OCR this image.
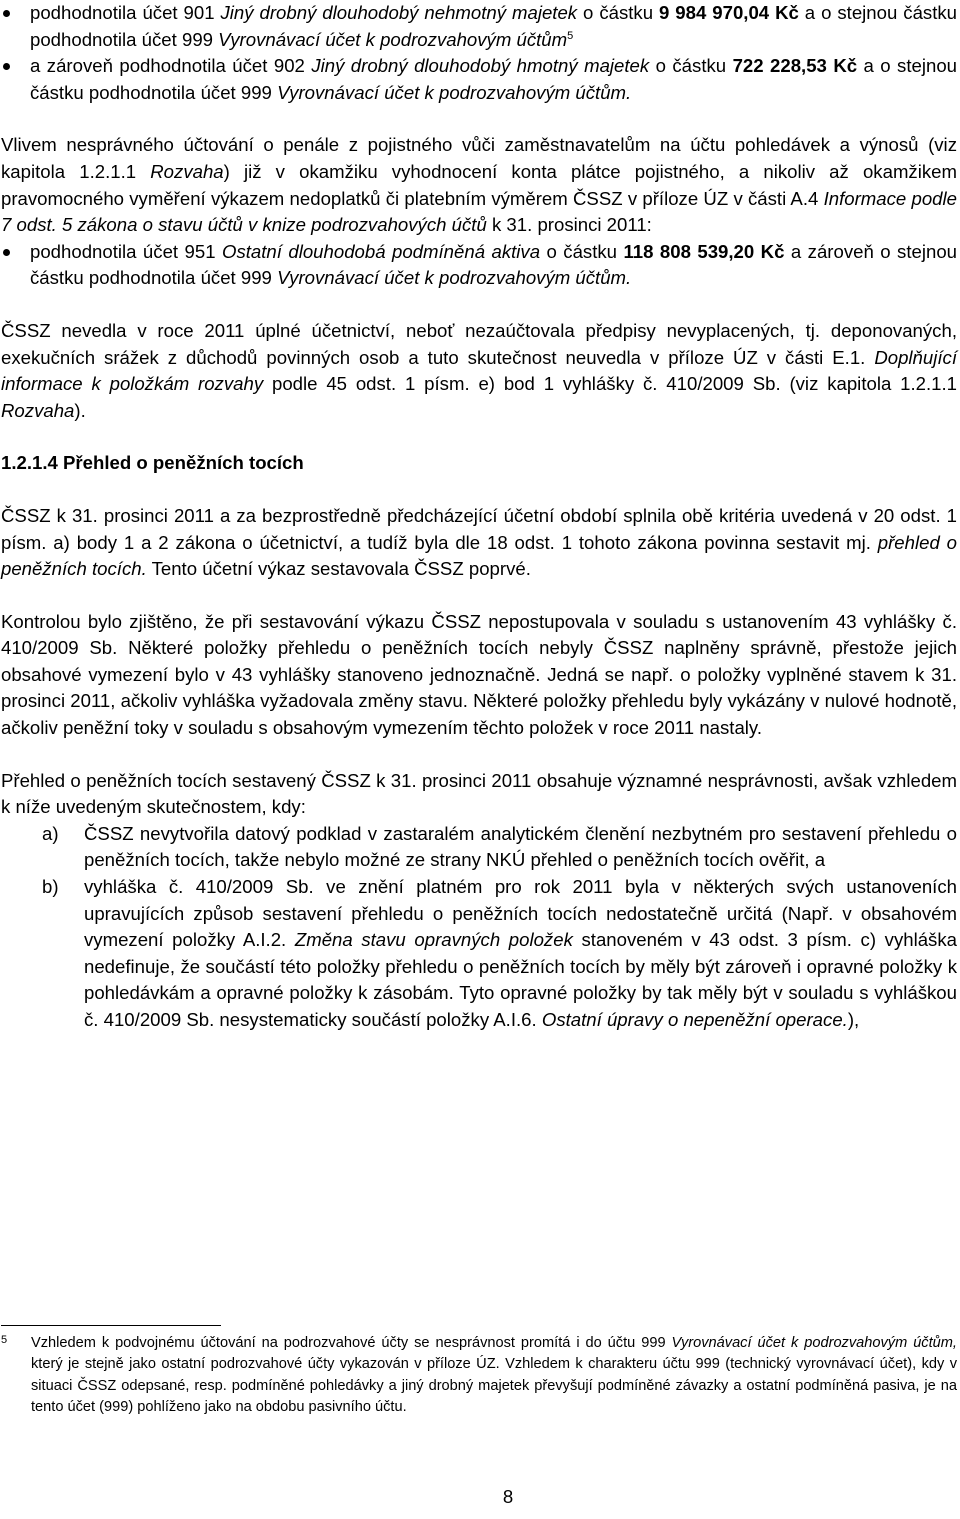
podhodnotila účet 901 Jiný drobný dlouhodobý nehmotný majetek o částku 9 984 970,04 Kč a o stejnou částku podhodnotila účet 999 Vyrovnávací účet k podrozvahovým účtům$^5$
a zároveň podhodnotila účet 902 Jiný drobný dlouhodobý hmotný majetek o částku 722 228,53 Kč a o stejnou částku podhodnotila účet 999 Vyrovnávací účet k podrozvahovým účtům.

Vlivem nesprávného účtování o penále z pojistného vůči zaměstnavatelům na účtu pohledávek a výnosů (viz kapitola 1.2.1.1 Rozvaha) již v okamžiku vyhodnocení konta plátce pojistného, a nikoliv až okamžikem pravomocného vyměření výkazem nedoplatků či platebním výměrem ČSSZ v příloze ÚZ v části A.4 Informace podle 7 odst. 5 zákona o stavu účtů v knize podrozvahových účtů k 31. prosinci 2011:

podhodnotila účet 951 Ostatní dlouhodobá podmíněná aktiva o částku 118 808 539,20 Kč a zároveň o stejnou částku podhodnotila účet 999 Vyrovnávací účet k podrozvahovým účtům.

ČSSZ nevedla v roce 2011 úplné účetnictví, neboť nezaúčtovala předpisy nevyplacených, tj. deponovaných, exekučních srážek z důchodů povinných osob a tuto skutečnost neuvedla v příloze ÚZ v části E.1. Doplňující informace k položkám rozvahy podle 45 odst. 1 písm. e) bod 1 vyhlášky č. 410/2009 Sb. (viz kapitola 1.2.1.1 Rozvaha).

1.2.1.4 Přehled o peněžních tocích

ČSSZ k 31. prosinci 2011 a za bezprostředně předcházející účetní období splnila obě kritéria uvedená v 20 odst. 1 písm. a) body 1 a 2 zákona o účetnictví, a tudíž byla dle 18 odst. 1 tohoto zákona povinna sestavit mj. přehled o peněžních tocích. Tento účetní výkaz sestavovala ČSSZ poprvé.

Kontrolou bylo zjištěno, že při sestavování výkazu ČSSZ nepostupovala v souladu s ustanovením 43 vyhlášky č. 410/2009 Sb. Některé položky přehledu o peněžních tocích nebyly ČSSZ naplněny správně, přestože jejich obsahové vymezení bylo v 43 vyhlášky stanoveno jednoznačně. Jedná se např. o položky vyplněné stavem k 31. prosinci 2011, ačkoliv vyhláška vyžadovala změny stavu. Některé položky přehledu byly vykázány v nulové hodnotě, ačkoliv peněžní toky v souladu s obsahovým vymezením těchto položek v roce 2011 nastaly.

Přehled o peněžních tocích sestavený ČSSZ k 31. prosinci 2011 obsahuje významné nesprávnosti, avšak vzhledem k níže uvedeným skutečnostem, kdy:

a) ČSSZ nevytvořila datový podklad v zastaralém analytickém členění nezbytném pro sestavení přehledu o peněžních tocích, takže nebylo možné ze strany NKÚ přehled o peněžních tocích ověřit, a
b) vyhláška č. 410/2009 Sb. ve znění platném pro rok 2011 byla v některých svých ustanoveních upravujících způsob sestavení přehledu o peněžních tocích nedostatečně určitá (Např. v obsahovém vymezení položky A.I.2. Změna stavu opravných položek stanoveném v 43 odst. 3 písm. c) vyhláška nedefinuje, že součástí této položky přehledu o peněžních tocích by měly být zároveň i opravné položky k pohledávkám a opravné položky k zásobám. Tyto opravné položky by tak měly být v souladu s vyhláškou č. 410/2009 Sb. nesystematicky součástí položky A.I.6. Ostatní úpravy o nepeněžní operace.),
5	Vzhledem k podvojnému účtování na podrozvahové účty se nesprávnost promítá i do účtu 999 Vyrovnávací účet k podrozvahovým účtům, který je stejně jako ostatní podrozvahové účty vykazován v příloze ÚZ. Vzhledem k charakteru účtu 999 (technický vyrovnávací účet), kdy v situaci ČSSZ odepsané, resp. podmíněné pohledávky a jiný drobný majetek převyšují podmíněné závazky a ostatní podmíněná pasiva, je na tento účet (999) pohlíženo jako na obdobu pasivního účtu.

8
